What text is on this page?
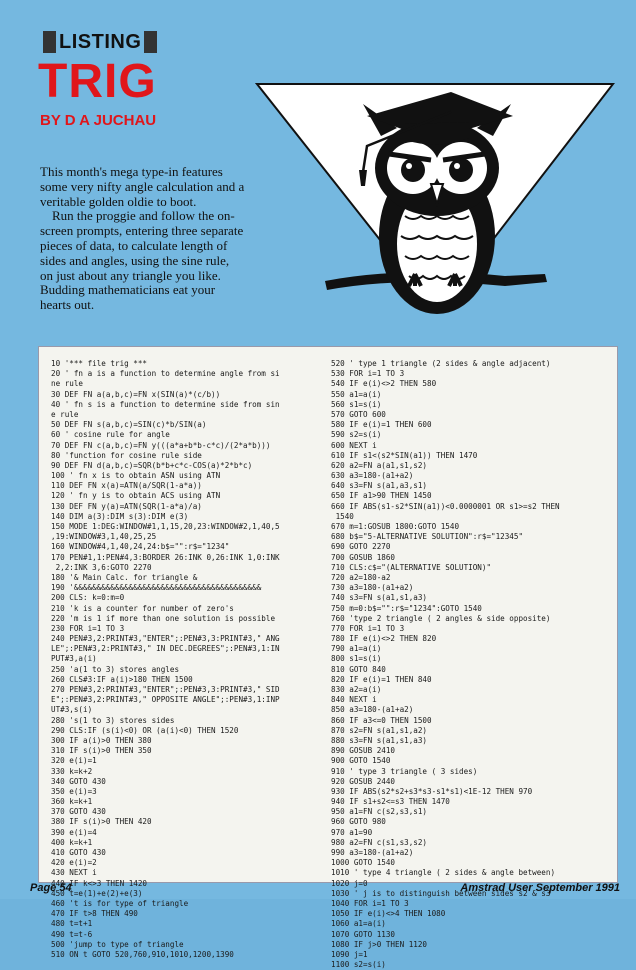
LISTING
TRIG
BY D A JUCHAU

This month's mega type-in features some very nifty angle calculation and a veritable golden oldie to boot.

Run the proggie and follow the on-screen prompts, entering three separate pieces of data, to calculate length of sides and angles, using the sine rule, on just about any triangle you like. Budding mathematicians eat your hearts out.

10 '*** file trig ***
20 ' fn a is a function to determine angle from si
ne rule
30 DEF FN a(a,b,c)=FN x(SIN(a)*(c/b))
40 ' fn s is a function to determine side from sin
e rule
50 DEF FN s(a,b,c)=SIN(c)*b/SIN(a)
60 ' cosine rule for angle
70 DEF FN c(a,b,c)=FN y(((a*a+b*b-c*c)/(2*a*b)))
80 'function for cosine rule side
90 DEF FN d(a,b,c)=SQR(b*b+c*c-COS(a)*2*b*c)
100 ' fn x is to obtain ASN using ATN
110 DEF FN x(a)=ATN(a/SQR(1-a*a))
120 ' fn y is to obtain ACS using ATN
130 DEF FN y(a)=ATN(SQR(1-a*a)/a)
140 DIM a(3):DIM s(3):DIM e(3)
150 MODE 1:DEG:WINDOW#1,1,15,20,23:WINDOW#2,1,40,5
,19:WINDOW#3,1,40,25,25
160 WINDOW#4,1,40,24,24:b$="":r$="1234"
170 PEN#1,1:PEN#4,3:BORDER 26:INK 0,26:INK 1,0:INK
2,2:INK 3,6:GOTO 2270
180 '& Main Calc. for triangle &
190 '&&&&&&&&&&&&&&&&&&&&&&&&&&&&&&&&&&&&&&&&&
200 CLS: k=0:m=0
210 'k is a counter for number of zero's
220 'm is 1 if more than one solution is possible
230 FOR i=1 TO 3
240 PEN#3,2:PRINT#3,"ENTER";:PEN#3,3:PRINT#3," ANG
LE";:PEN#3,2:PRINT#3," IN DEC.DEGREES";:PEN#3,1:IN
PUT#3,a(i)
250 'a(1 to 3) stores angles
260 CLS#3:IF a(i)>180 THEN 1500
270 PEN#3,2:PRINT#3,"ENTER";:PEN#3,3:PRINT#3," SID
E";:PEN#3,2:PRINT#3," OPPOSITE ANGLE";:PEN#3,1:INP
UT#3,s(i)
280 's(1 to 3) stores sides
290 CLS:IF (s(i)<0) OR (a(i)<0) THEN 1520
300 IF a(i)>0 THEN 380
310 IF s(i)>0 THEN 350
320 e(i)=1
330 k=k+2
340 GOTO 430
350 e(i)=3
360 k=k+1
370 GOTO 430
380 IF s(i)>0 THEN 420
390 e(i)=4
400 k=k+1
410 GOTO 430
420 e(i)=2
430 NEXT i
440 IF k<>3 THEN 1420
450 t=e(1)+e(2)+e(3)
460 't is for type of triangle
470 IF t>8 THEN 490
480 t=t+1
490 t=t-6
500 'jump to type of triangle
510 ON t GOTO 520,760,910,1010,1200,1390
520 ' type 1 triangle (2 sides & angle adjacent)
530 FOR i=1 TO 3
540 IF e(i)<>2 THEN 580
550 a1=a(i)
560 s1=s(i)
570 GOTO 600
580 IF e(i)=1 THEN 600
590 s2=s(i)
600 NEXT i
610 IF s1<(s2*SIN(a1)) THEN 1470
620 a2=FN a(a1,s1,s2)
630 a3=180-(a1+a2)
640 s3=FN s(a1,a3,s1)
650 IF a1>90 THEN 1450
660 IF ABS(s1-s2*SIN(a1))<0.0000001 OR s1>=s2 THEN
1540
670 m=1:GOSUB 1800:GOTO 1540
680 b$="5-ALTERNATIVE SOLUTION":r$="12345"
690 GOTO 2270
700 GOSUB 1860
710 CLS:c$="(ALTERNATIVE SOLUTION)"
720 a2=180-a2
730 a3=180-(a1+a2)
740 s3=FN s(a1,s1,a3)
750 m=0:b$="":r$="1234":GOTO 1540
760 'type 2 triangle ( 2 angles & side opposite)
770 FOR i=1 TO 3
780 IF e(i)<>2 THEN 820
790 a1=a(i)
800 s1=s(i)
810 GOTO 840
820 IF e(i)=1 THEN 840
830 a2=a(i)
840 NEXT i
850 a3=180-(a1+a2)
860 IF a3<=0 THEN 1500
870 s2=FN s(a1,s1,a2)
880 s3=FN s(a1,s1,a3)
890 GOSUB 2410
900 GOTO 1540
910 ' type 3 triangle ( 3 sides)
920 GOSUB 2440
930 IF ABS(s2*s2+s3*s3-s1*s1)<1E-12 THEN 970
940 IF s1+s2<=s3 THEN 1470
950 a1=FN c(s2,s3,s1)
960 GOTO 980
970 a1=90
980 a2=FN c(s1,s3,s2)
990 a3=180-(a1+a2)
1000 GOTO 1540
1010 ' type 4 triangle ( 2 sides & angle between)
1020 j=0
1030 ' j is to distinguish between sides s2 & s3
1040 FOR i=1 TO 3
1050 IF e(i)<>4 THEN 1080
1060 a1=a(i)
1070 GOTO 1130
1080 IF j>0 THEN 1120
1090 j=1
1100 s2=s(i)
Page 54	Amstrad User September 1991
